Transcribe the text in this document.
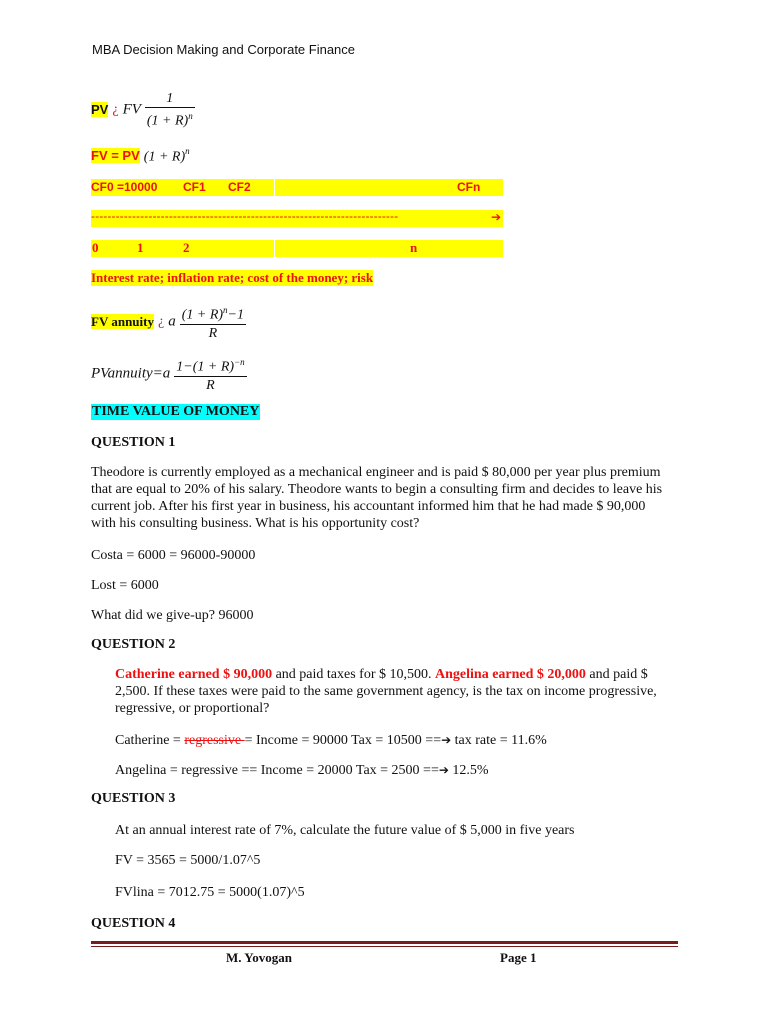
MBA Decision Making and Corporate Finance
PV ¿ FV $\frac{1}{(1 + R)^n}$
FV = PV $(1 + R)^n$
CF0 =10000 CF1 CF2	CFn
---------------------------------------------------------------------------	➔
0	1	2	n
Interest rate; inflation rate; cost of the money; risk
FV annuity ¿ a $\frac{(1 + R)^n-1}{R}$
PVannuity=a $\frac{1-(1 + R)^{-n}}{R}$
TIME VALUE OF MONEY
QUESTION 1
Theodore is currently employed as a mechanical engineer and is paid $ 80,000 per year plus premium
that are equal to 20% of his salary. Theodore wants to begin a consulting firm and decides to leave his
current job. After his first year in business, his accountant informed him that he had made $ 90,000
with his consulting business. What is his opportunity cost?
Costa = 6000 = 96000-90000
Lost = 6000
What did we give-up? 96000
QUESTION 2
Catherine earned $ 90,000 and paid taxes for $ 10,500. Angelina earned $ 20,000 and paid $
2,500. If these taxes were paid to the same government agency, is the tax on income progressive,
regressive, or proportional?
Catherine = regressive = Income = 90000 Tax = 10500 ==➔ tax rate = 11.6%
Angelina = regressive == Income = 20000 Tax = 2500 ==➔ 12.5%
QUESTION 3
At an annual interest rate of 7%, calculate the future value of $ 5,000 in five years
FV = 3565 = 5000/1.07^5
FVlina = 7012.75 = 5000(1.07)^5
QUESTION 4
M. Yovogan	Page 1
